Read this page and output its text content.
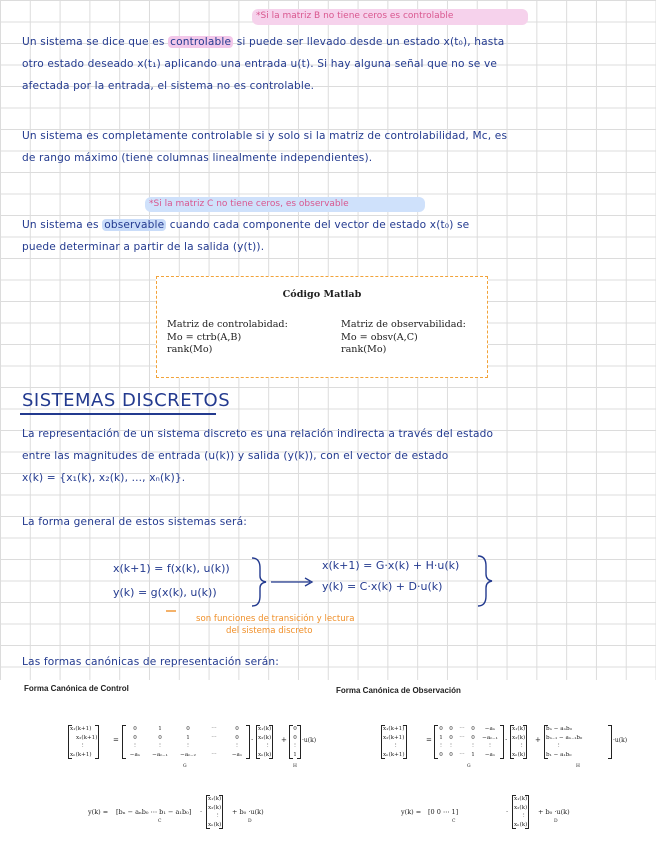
*Si la matriz B no tiene ceros es controlable
Un sistema se dice que es controlable si puede ser llevado desde un estado x(t₀), hasta
otro estado deseado x(t₁) aplicando una entrada u(t). Si hay alguna señal que no se ve
afectada por la entrada, el sistema no es controlable.
Un sistema es completamente controlable si y solo si la matriz de controlabilidad, Mc, es
de rango máximo (tiene columnas linealmente independientes).
*Si la matriz C no tiene ceros, es observable
Un sistema es observable cuando cada componente del vector de estado x(t₀) se
puede determinar a partir de la salida (y(t)).
Código Matlab
Matriz de controlabidad:
Mo = ctrb(A,B)
rank(Mo)
Matriz de observabilidad:
Mo = obsv(A,C)
rank(Mo)
SISTEMAS DISCRETOS
La representación de un sistema discreto es una relación indirecta a través del estado
entre las magnitudes de entrada (u(k)) y salida (y(k)), con el vector de estado
x(k) = {x₁(k), x₂(k), ..., xₙ(k)}.
La forma general de estos sistemas será:
x(k+1) = f(x(k), u(k))
y(k) = g(x(k), u(k))
x(k+1) = G·x(k) + H·u(k)
y(k) = C·x(k) + D·u(k)
son funciones de transición y lectura
del sistema discreto
Las formas canónicas de representación serán:
Forma Canónica de Control	Forma Canónica de Observación
x₁(k+1)
x₂(k+1)
⋮
xₙ(k+1)
=
0	1	0	⋯	0
0	0	1	⋯	0
⋮	⋮	⋮	⋮
−aₙ	−aₙ₋₁	−aₙ₋₂	⋯	−a₁
G
·
x₁(k)
x₂(k)
⋮
xₙ(k)
+
0
0
⋮
1
H
·u(k)
x₁(k+1)
x₂(k+1)
⋮
xₙ(k+1)
=
0	0	⋯	0	−aₙ
1	0	⋯	0	−aₙ₋₁
⋮ ⋮	⋮	⋮
0	0	⋯	1	−a₁
G
·
x₁(k)
x₂(k)
⋮
xₙ(k)
+
bₙ − aₙb₀
bₙ₋₁ − aₙ₋₁b₀
⋮
b₁ − a₁b₀
H
·u(k)
y(k) = [bₙ − aₙb₀ ⋯ b₁ − a₁b₀]
C
·
x₁(k)
x₂(k)
⋮
xₙ(k)
+ b₀ ·u(k)
D
y(k) = [0 0 ⋯ 1]
C
·
x₁(k)
x₂(k)
⋮
xₙ(k)
+ b₀ ·u(k)
D
